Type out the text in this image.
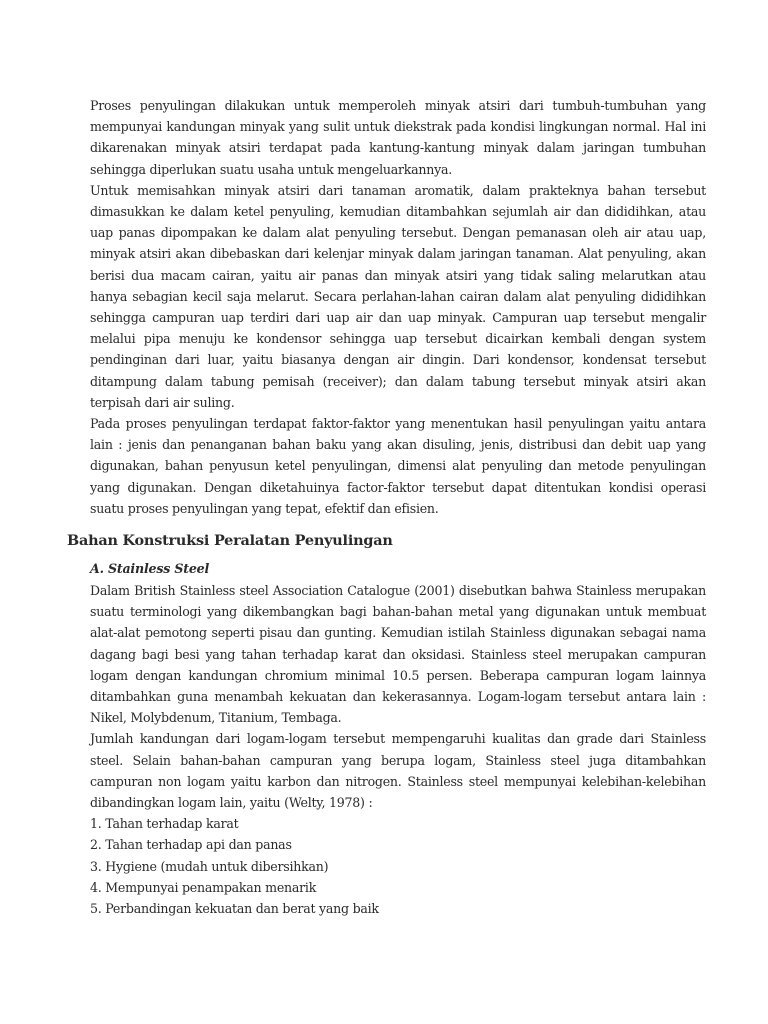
Proses penyulingan dilakukan untuk memperoleh minyak atsiri dari tumbuh-tumbuhan yang mempunyai kandungan minyak yang sulit untuk diekstrak pada kondisi lingkungan normal. Hal ini dikarenakan minyak atsiri terdapat pada kantung-kantung minyak dalam jaringan tumbuhan sehingga diperlukan suatu usaha untuk mengeluarkannya.

Untuk memisahkan minyak atsiri dari tanaman aromatik, dalam prakteknya bahan tersebut dimasukkan ke dalam ketel penyuling, kemudian ditambahkan sejumlah air dan dididihkan, atau uap panas dipompakan ke dalam alat penyuling tersebut. Dengan pemanasan oleh air atau uap, minyak atsiri akan dibebaskan dari kelenjar minyak dalam jaringan tanaman. Alat penyuling, akan berisi dua macam cairan, yaitu air panas dan minyak atsiri yang tidak saling melarutkan atau hanya sebagian kecil saja melarut. Secara perlahan-lahan cairan dalam alat penyuling dididihkan sehingga campuran uap terdiri dari uap air dan uap minyak. Campuran uap tersebut mengalir melalui pipa menuju ke kondensor sehingga uap tersebut dicairkan kembali dengan system pendinginan dari luar, yaitu biasanya dengan air dingin. Dari kondensor, kondensat tersebut ditampung dalam tabung pemisah (receiver); dan dalam tabung tersebut minyak atsiri akan terpisah dari air suling.

Pada proses penyulingan terdapat faktor-faktor yang menentukan hasil penyulingan yaitu antara lain : jenis dan penanganan bahan baku yang akan disuling, jenis, distribusi dan debit uap yang digunakan, bahan penyusun ketel penyulingan, dimensi alat penyuling dan metode penyulingan yang digunakan. Dengan diketahuinya factor-faktor tersebut dapat ditentukan kondisi operasi suatu proses penyulingan yang tepat, efektif dan efisien.

Bahan Konstruksi Peralatan Penyulingan
A. Stainless Steel

Dalam British Stainless steel Association Catalogue (2001) disebutkan bahwa Stainless merupakan suatu terminologi yang dikembangkan bagi bahan-bahan metal yang digunakan untuk membuat alat-alat pemotong seperti pisau dan gunting. Kemudian istilah Stainless digunakan sebagai nama dagang bagi besi yang tahan terhadap karat dan oksidasi. Stainless steel merupakan campuran logam dengan kandungan chromium minimal 10.5 persen. Beberapa campuran logam lainnya ditambahkan guna menambah kekuatan dan kekerasannya. Logam-logam tersebut antara lain : Nikel, Molybdenum, Titanium, Tembaga.

Jumlah kandungan dari logam-logam tersebut mempengaruhi kualitas dan grade dari Stainless steel. Selain bahan-bahan campuran yang berupa logam, Stainless steel juga ditambahkan campuran non logam yaitu karbon dan nitrogen. Stainless steel mempunyai kelebihan-kelebihan dibandingkan logam lain, yaitu (Welty, 1978) :

1. Tahan terhadap karat
2. Tahan terhadap api dan panas
3. Hygiene (mudah untuk dibersihkan)
4. Mempunyai penampakan menarik
5. Perbandingan kekuatan dan berat yang baik
